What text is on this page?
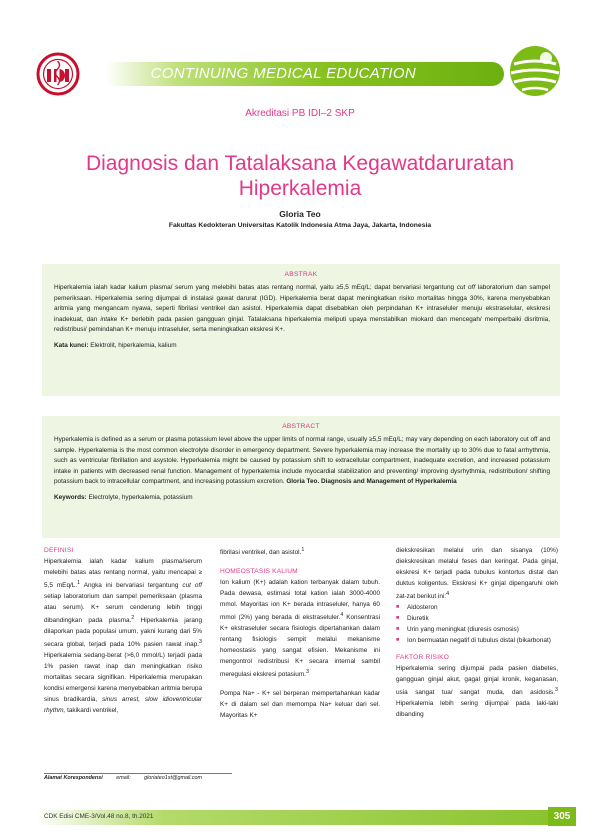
CONTINUING MEDICAL EDUCATION
Akreditasi PB IDI–2 SKP
Diagnosis dan Tatalaksana Kegawatdaruratan
Hiperkalemia
Gloria Teo
Fakultas Kedokteran Universitas Katolik Indonesia Atma Jaya, Jakarta, Indonesia
ABSTRAK
Hiperkalemia ialah kadar kalium plasma/ serum yang melebihi batas atas rentang normal, yaitu ≥5,5 mEq/L; dapat bervariasi tergantung cut off laboratorium dan sampel pemeriksaan. Hiperkalemia sering dijumpai di instalasi gawat darurat (IGD). Hiperkalemia berat dapat meningkatkan risiko mortalitas hingga 30%, karena menyebabkan aritmia yang mengancam nyawa, seperti fibrilasi ventrikel dan asistol. Hiperkalemia dapat disebabkan oleh perpindahan K+ intraseluler menuju ekstraselular, ekskresi inadekuat, dan intake K+ berlebih pada pasien gangguan ginjal. Tatalaksana hiperkalemia meliputi upaya menstabilkan miokard dan mencegah/ memperbaiki disritmia, redistribusi/ pemindahan K+ menuju intraseluler, serta meningkatkan ekskresi K+.
Kata kunci: Elektrolit, hiperkalemia, kalium
ABSTRACT
Hyperkalemia is defined as a serum or plasma potassium level above the upper limits of normal range, usually ≥5,5 mEq/L; may vary depending on each laboratory cut off and sample. Hyperkalemia is the most common electrolyte disorder in emergency department. Severe hyperkalemia may increase the mortality up to 30% due to fatal arrhythmia, such as ventricular fibrillation and asystole. Hyperkalemia might be caused by potassium shift to extracellular compartment, inadequate excretion, and increased potassium intake in patients with decreased renal function. Management of hyperkalemia include myocardial stabilization and preventing/ improving dysrhythmia, redistribution/ shifting potassium back to intracellular compartment, and increasing potassium excretion. Gloria Teo. Diagnosis and Management of Hyperkalemia
Keywords: Electrolyte, hyperkalemia, potassium
DEFINISI
Hiperkalemia ialah kadar kalium plasma/serum melebihi batas atas rentang normal, yaitu mencapai ≥ 5,5 mEq/L.$^1$ Angka ini bervariasi tergantung cut off setiap laboratorium dan sampel pemeriksaan (plasma atau serum). K+ serum cenderung lebih tinggi dibandingkan pada plasma.$^2$ Hiperkalemia jarang dilaporkan pada populasi umum, yakni kurang dari 5% secara global, terjadi pada 10% pasien rawat inap.$^3$ Hiperkalemia sedang-berat (>6,0 mmol/L) terjadi pada 1% pasien rawat inap dan meningkatkan risiko mortalitas secara signifikan. Hiperkalemia merupakan kondisi emergensi karena menyebabkan aritmia berupa sinus bradikardia, sinus arrest, slow idioventricular rhythm, takikardi ventrikel,
fibrilasi ventrikel, dan asistol.$^1$
HOMEOSTASIS KALIUM
Ion kalium (K+) adalah kation terbanyak dalam tubuh. Pada dewasa, estimasi total kation ialah 3000-4000 mmol. Mayoritas ion K+ berada intraseluler, hanya 60 mmol (2%) yang berada di ekstraseluler.$^4$ Konsentrasi K+ ekstraseluler secara fisiologis dipertahankan dalam rentang fisiologis sempit melalui mekanisme homeostasis yang sangat efisien. Mekanisme ini mengontrol redistribusi K+ secara internal sambil meregulasi ekskresi potasium.$^3$
Pompa Na+ - K+ sel berperan mempertahankan kadar K+ di dalam sel dan memompa Na+ keluar dari sel. Mayoritas K+
diekskresikan melalui urin dan sisanya (10%) diekskresikan melalui feses dan keringat. Pada ginjal, ekskresi K+ terjadi pada tubulus kontortus distal dan duktus koligentus. Ekskresi K+ ginjal dipengaruhi oleh zat-zat berikut ini:$^4$
■ Aldosteron
■ Diuretik
■ Urin yang meningkat (diuresis osmosis)
■ Ion bermuatan negatif di tubulus distal (bikarbonat)
FAKTOR RISIKO
Hiperkalemia sering dijumpai pada pasien diabetes, gangguan ginjal akut, gagal ginjal kronik, keganasan, usia sangat tua/ sangat muda, dan asidosis.$^3$ Hiperkalemia lebih sering dijumpai pada laki-laki dibanding
Alamat Korespondensi	email:	gloriateo1st@gmail.com
CDK Edisi CME-3/Vol.48 no.8, th.2021	305
